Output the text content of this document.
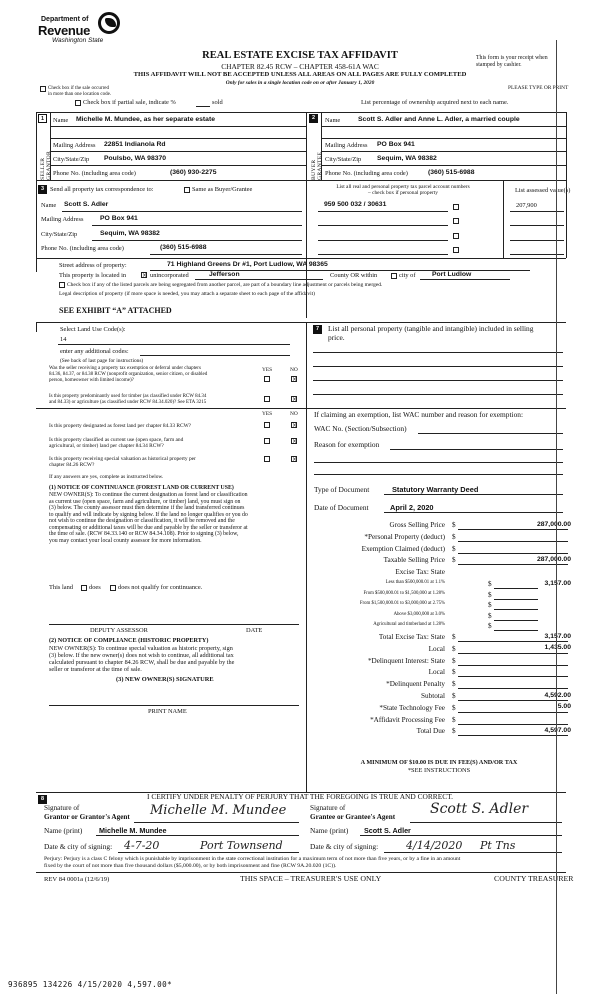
Department of
Revenue
Washington State
REAL ESTATE EXCISE TAX AFFIDAVIT
CHAPTER 82.45 RCW – CHAPTER 458-61A WAC
THIS AFFIDAVIT WILL NOT BE ACCEPTED UNLESS ALL AREAS ON ALL PAGES ARE FULLY COMPLETED
Only for sales in a single location code on or after January 1, 2020
This form is your receipt when
stamped by cashier.
PLEASE TYPE OR PRINT
Check box if the sale occurred
in more than one location code.
Check box if partial sale, indicate %	sold	List percentage of ownership acquired next to each name.
1
SELLER GRANTOR
Name Michelle M. Mundee, as her separate estate
Mailing Address 22851 Indianola Rd
City/State/Zip Poulsbo, WA 98370
Phone No. (including area code)	(360) 930-2275
2
BUYER GRANTEE
Name	Scott S. Adler and Anne L. Adler, a married couple
Mailing Address PO Box 941
City/State/Zip Sequim, WA 98382
Phone No. (including area code)	(360) 515-6988
3 Send all property tax correspondence to:	Same as Buyer/Grantee
Name Scott S. Adler
Mailing Address PO Box 941
City/State/Zip	Sequim, WA 98382
Phone No. (including area code)	(360) 515-6988
List all real and personal property tax parcel account numbers
– check box if personal property	List assessed value(s)
959 500 032 / 30631	207,900
Street address of property:	71 Highland Greens Dr #1, Port Ludlow, WA 98365
This property is located in	× unincorporated	Jefferson	County OR within	city of Port Ludlow
Check box if any of the listed parcels are being segregated from another parcel, are part of a boundary line adjustment or parcels being merged.
Legal description of property (if more space is needed, you may attach a separate sheet to each page of the affidavit)
SEE EXHIBIT “A” ATTACHED
Select Land Use Code(s):
14
enter any additional codes:
(See back of last page for instructions)
YES	NO
Was the seller receiving a property tax exemption or deferral under chapters
84.36, 84.37, or 84.38 RCW (nonprofit organization, senior citizen, or disabled
person, homeowner with limited income)?	×
Is this property predominantly used for timber (as classified under RCW 84.34
and 84.33) or agriculture (as classified under RCW 84.34.020)? See ETA 3215	×
YES	NO
Is this property designated as forest land per chapter 84.33 RCW?	×
Is this property classified as current use (open space, farm and
agricultural, or timber) land per chapter 84.34 RCW?
×
Is this property receiving special valuation as historical property per
chapter 84.26 RCW?
×
If any answers are yes, complete as instructed below.
(1) NOTICE OF CONTINUANCE (FOREST LAND OR CURRENT USE)
NEW OWNER(S): To continue the current designation as forest land or classification
as current use (open space, farm and agriculture, or timber) land, you must sign on
(3) below. The county assessor must then determine if the land transferred continues
to qualify and will indicate by signing below. If the land no longer qualifies or you do
not wish to continue the designation or classification, it will be removed and the
compensating or additional taxes will be due and payable by the seller or transferor at
the time of sale. (RCW 84.33.140 or RCW 84.34.108). Prior to signing (3) below,
you may contact your local county assessor for more information.
This land	does	does not qualify for continuance.
DEPUTY ASSESSOR	DATE
(2) NOTICE OF COMPLIANCE (HISTORIC PROPERTY)
NEW OWNER(S): To continue special valuation as historic property, sign
(3) below. If the new owner(s) does not wish to continue, all additional tax
calculated pursuant to chapter 84.26 RCW, shall be due and payable by the
seller or transferor at the time of sale.
(3) NEW OWNER(S) SIGNATURE
PRINT NAME
7	List all personal property (tangible and intangible) included in selling
price.
If claiming an exemption, list WAC number and reason for exemption:
WAC No. (Section/Subsection)
Reason for exemption
Type of Document	Statutory Warranty Deed
Date of Document	April 2, 2020
Gross Selling Price $	287,000.00
*Personal Property (deduct) $
Exemption Claimed (deduct) $
Taxable Selling Price $	287,000.00
Excise Tax: State
Less than $500,000.01 at 1.1%	$	3,157.00
From $500,000.01 to $1,500,000 at 1.28%	$
From $1,500,000.01 to $3,000,000 at 2.75%	$
Above $3,000,000 at 3.0%	$
Agricultural and timberland at 1.28%	$
Total Excise Tax: State $	3,157.00
Local $	1,435.00
*Delinquent Interest: State $
Local $
*Delinquent Penalty $
Subtotal $	4,592.00
*State Technology Fee $	5.00
*Affidavit Processing Fee $
Total Due $	4,597.00
A MINIMUM OF $10.00 IS DUE IN FEE(S) AND/OR TAX
*SEE INSTRUCTIONS
8	I CERTIFY UNDER PENALTY OF PERJURY THAT THE FOREGOING IS TRUE AND CORRECT.
Signature of
Grantor or Grantor's Agent Michelle M. Mundee	Signature of
Grantee or Grantee's Agent Scott S. Adler
Name (print) Michelle M. Mundee	Name (print) Scott S. Adler
Date & city of signing: 4-7-20	Port Townsend	Date & city of signing:	4/14/2020 Pt Tns
Perjury: Perjury is a class C felony which is punishable by imprisonment in the state correctional institution for a maximum term of not more than five years, or by a fine in an amount
fixed by the court of not more than five thousand dollars ($5,000.00), or by both imprisonment and fine (RCW 9A.20.020 (1C)).
REV 84 0001a (12/6/19)	THIS SPACE – TREASURER'S USE ONLY	COUNTY TREASURER
936895 134226 4/15/2020 4,597.00*
